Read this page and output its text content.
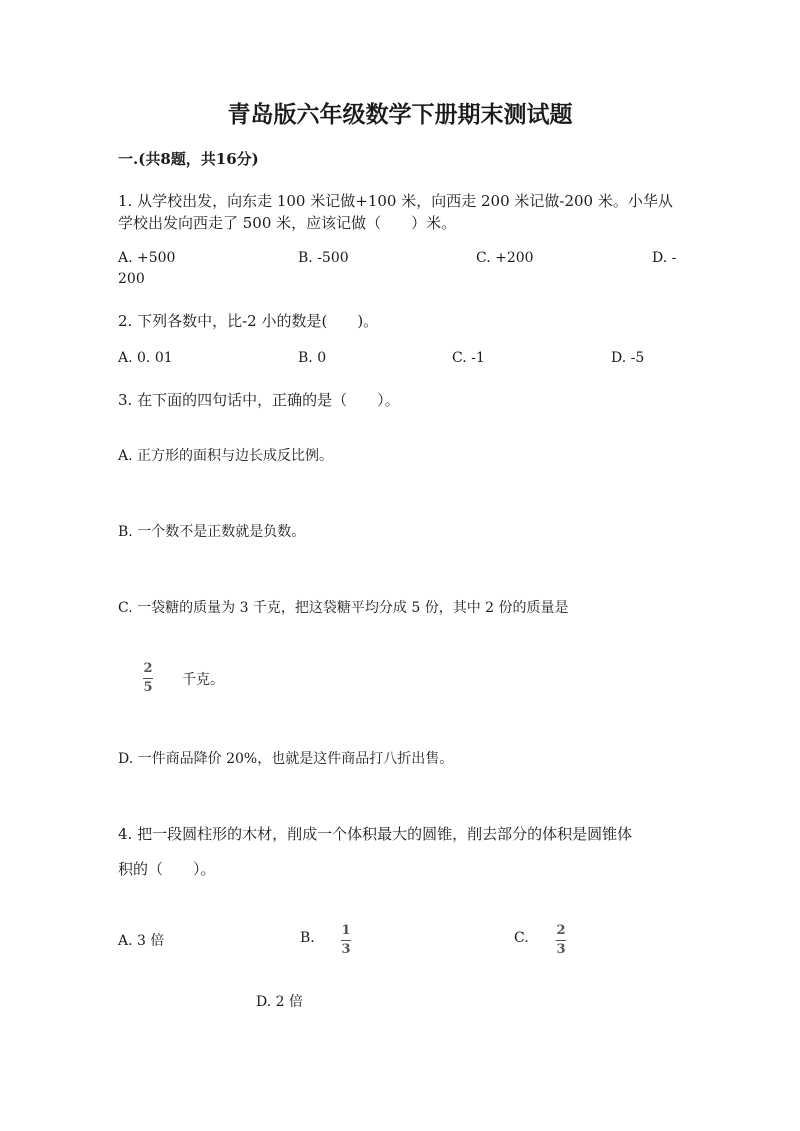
青岛版六年级数学下册期末测试题
一.(共8题，共16分)
1. 从学校出发，向东走 100 米记做+100 米，向西走 200 米记做-200 米。小华从
学校出发向西走了 500 米，应该记做（　　）米。
A. +500	B. -500	C. +200	D. -
200
2. 下列各数中，比-2 小的数是(　　)。
A. 0. 01	B. 0	C. -1	D. -5
3. 在下面的四句话中，正确的是（　　）。
A. 正方形的面积与边长成反比例。
B. 一个数不是正数就是负数。
C. 一袋糖的质量为 3 千克，把这袋糖平均分成 5 份，其中 2 份的质量是
2
5 千克。
D. 一件商品降价 20%，也就是这件商品打八折出售。
4. 把一段圆柱形的木材，削成一个体积最大的圆锥，削去部分的体积是圆锥体
积的（　　）。
A. 3 倍	B. 1
3
C. 2
3
D. 2 倍
